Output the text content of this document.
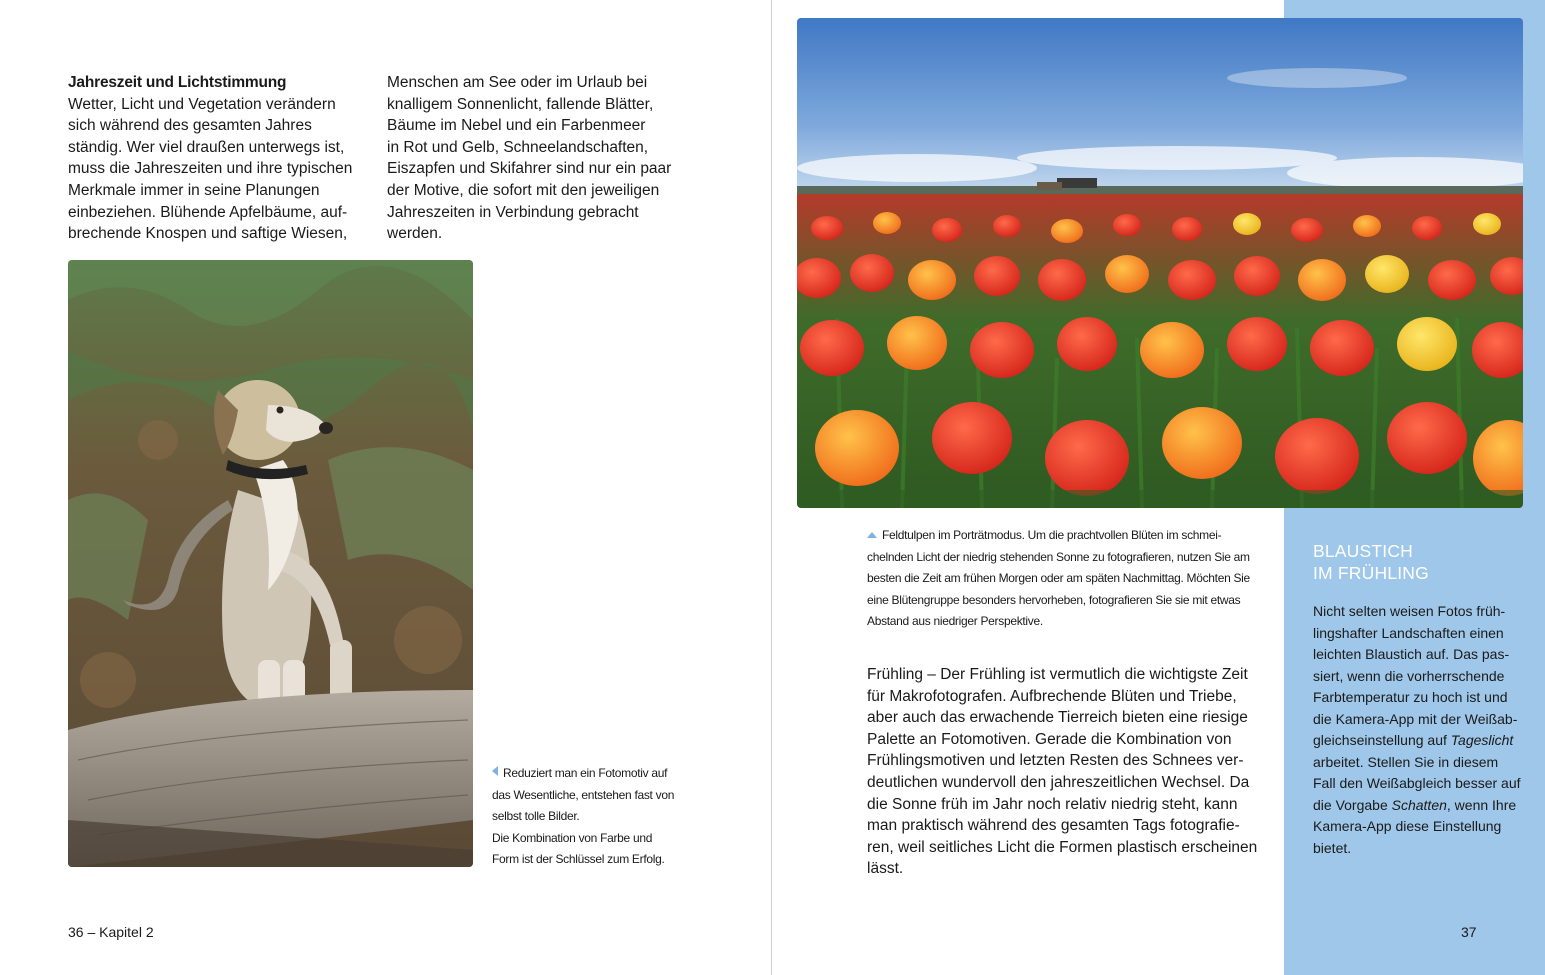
Jahreszeit und Lichtstimmung

Wetter, Licht und Vegetation verändern

sich während des gesamten Jahres

ständig. Wer viel draußen unterwegs ist,

muss die Jahreszeiten und ihre typischen

Merkmale immer in seine Planungen

einbeziehen. Blühende Apfelbäume, auf-

brechende Knospen und saftige Wiesen,

Menschen am See oder im Urlaub bei

knalligem Sonnenlicht, fallende Blätter,

Bäume im Nebel und ein Farbenmeer

in Rot und Gelb, Schneelandschaften,

Eiszapfen und Skifahrer sind nur ein paar

der Motive, die sofort mit den jeweiligen

Jahreszeiten in Verbindung gebracht

werden.

Reduziert man ein Fotomotiv auf
das Wesentliche, entstehen fast von
selbst tolle Bilder.
Die Kombination von Farbe und
Form ist der Schlüssel zum Erfolg.
36 – Kapitel 2
BLAUSTICH
IM FRÜHLING
Nicht selten weisen Fotos früh-
lingshafter Landschaften einen
leichten Blaustich auf. Das pas-
siert, wenn die vorherrschende
Farbtemperatur zu hoch ist und
die Kamera-App mit der Weißab-
gleichseinstellung auf Tageslicht
arbeitet. Stellen Sie in diesem
Fall den Weißabgleich besser auf
die Vorgabe Schatten, wenn Ihre
Kamera-App diese Einstellung
bietet.
Feldtulpen im Porträtmodus. Um die prachtvollen Blüten im schmei-
chelnden Licht der niedrig stehenden Sonne zu fotografieren, nutzen Sie am
besten die Zeit am frühen Morgen oder am späten Nachmittag. Möchten Sie
eine Blütengruppe besonders hervorheben, fotografieren Sie sie mit etwas
Abstand aus niedriger Perspektive.

Frühling – Der Frühling ist vermutlich die wichtigste Zeit

für Makrofotografen. Aufbrechende Blüten und Triebe,

aber auch das erwachende Tierreich bieten eine riesige

Palette an Fotomotiven. Gerade die Kombination von

Frühlingsmotiven und letzten Resten des Schnees ver-

deutlichen wundervoll den jahreszeitlichen Wechsel. Da

die Sonne früh im Jahr noch relativ niedrig steht, kann

man praktisch während des gesamten Tags fotografie-

ren, weil seitliches Licht die Formen plastisch erscheinen

lässt.

37
